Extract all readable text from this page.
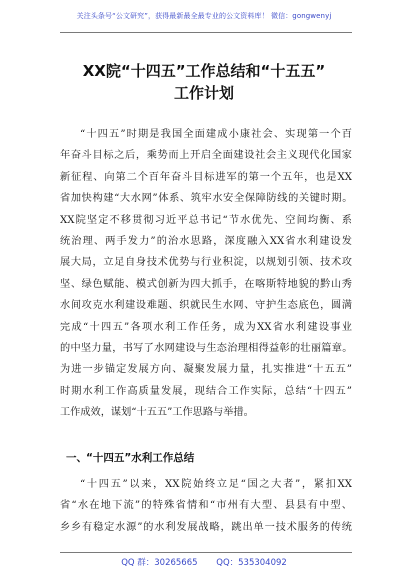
关注头条号“公文研究”，获得最新最全最专业的公文资料库！ 微信：gongwenyj
XX院“十四五”工作总结和“十五五”
工作计划
“十四五”时期是我国全面建成小康社会、实现第一个百
年奋斗目标之后，乘势而上开启全面建设社会主义现代化国家
新征程、向第二个百年奋斗目标进军的第一个五年，也是XX
省加快构建“大水网”体系、筑牢水安全保障防线的关键时期。
XX院坚定不移贯彻习近平总书记“节水优先、空间均衡、系
统治理、两手发力”的治水思路，深度融入XX省水利建设发
展大局，立足自身技术优势与行业积淀，以规划引领、技术攻
坚、绿色赋能、模式创新为四大抓手，在喀斯特地貌的黔山秀
水间攻克水利建设难题、织就民生水网、守护生态底色，圆满
完成“十四五”各项水利工作任务，成为XX省水利建设事业
的中坚力量，书写了水网建设与生态治理相得益彰的壮丽篇章。
为进一步锚定发展方向、凝聚发展力量，扎实推进“十五五”
时期水利工作高质量发展，现结合工作实际，总结“十四五”
工作成效，谋划“十五五”工作思路与举措。
一、“十四五”水利工作总结
“十四五”以来，XX院始终立足“国之大者”，紧扣XX
省“水在地下流”的特殊省情和“市州有大型、县县有中型、
乡乡有稳定水源”的水利发展战略，跳出单一技术服务的传统
QQ 群：30265665 QQ：535304092
